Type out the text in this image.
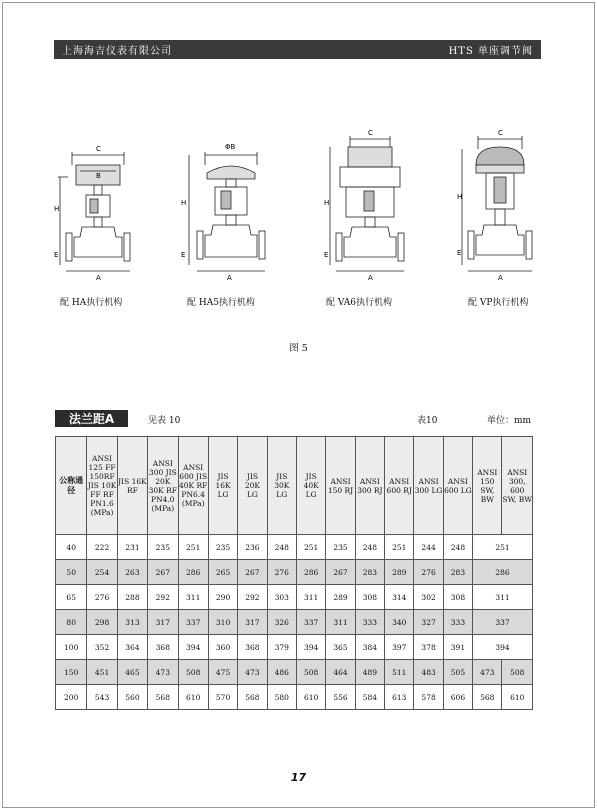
上海海吉仪表有限公司	HTS 单座调节阀
C
B
H
E
A
ΦB
H
E
A
C
H
E
A
C
H
E
A
配 HA执行机构	配 HA5执行机构	配 VA6执行机构	配 VP执行机构
图 5
法兰距A	见表 10	表10	单位：mm
公称通径	ANSI 125 FF 150RF JIS 10K FF RF PN1.6 (MPa)	JIS 16K RF	ANSI 300 JIS 20K 30K RF PN4.0 (MPa)	ANSI 600 JIS 40K RF PN6.4 (MPa)	JIS 16K LG	JIS 20K LG	JIS 30K LG	JIS 40K LG	ANSI 150 RJ	ANSI 300 RJ	ANSI 600 RJ	ANSI 300 LG	ANSI 600 LG	ANSI 150 SW, BW	ANSI 300, 600 SW, BW
40	222	231	235	251	235	236	248	251	235	248	251	244	248	251	
50	254	263	267	286	265	267	276	286	267	283	289	276	283	286	
65	276	288	292	311	290	292	303	311	289	308	314	302	308	311	
80	298	313	317	337	310	317	326	337	311	333	340	327	333	337	
100	352	364	368	394	360	368	379	394	365	384	397	378	391	394	
150	451	465	473	508	475	473	486	508	464	489	511	483	505	473	508
200	543	560	568	610	570	568	580	610	556	584	613	578	606	568	610
17
